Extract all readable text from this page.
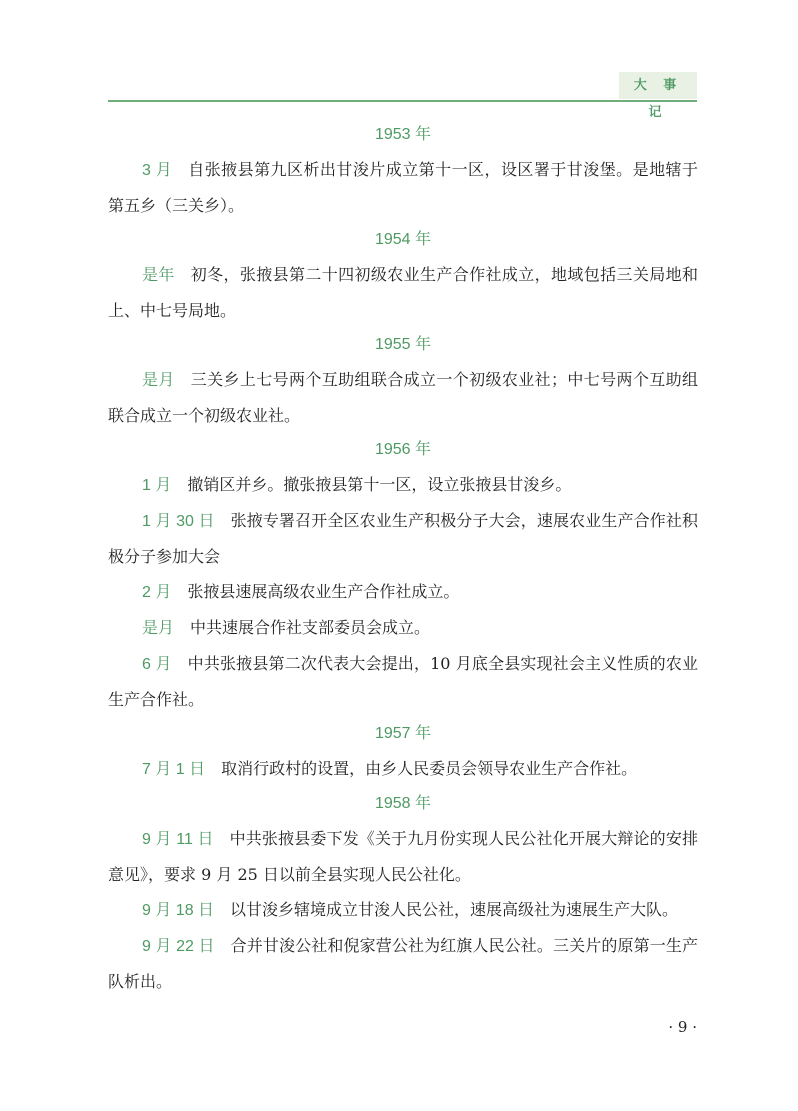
大 事 记
1953 年

3 月 自张掖县第九区析出甘浚片成立第十一区，设区署于甘浚堡。是地辖于第五乡（三关乡）。

1954 年

是年 初冬，张掖县第二十四初级农业生产合作社成立，地域包括三关局地和上、中七号局地。

1955 年

是月 三关乡上七号两个互助组联合成立一个初级农业社；中七号两个互助组联合成立一个初级农业社。

1956 年

1 月 撤销区并乡。撤张掖县第十一区，设立张掖县甘浚乡。

1 月 30 日 张掖专署召开全区农业生产积极分子大会，速展农业生产合作社积极分子参加大会

2 月 张掖县速展高级农业生产合作社成立。

是月 中共速展合作社支部委员会成立。

6 月 中共张掖县第二次代表大会提出，10 月底全县实现社会主义性质的农业生产合作社。

1957 年

7 月 1 日 取消行政村的设置，由乡人民委员会领导农业生产合作社。

1958 年

9 月 11 日 中共张掖县委下发《关于九月份实现人民公社化开展大辩论的安排意见》，要求 9 月 25 日以前全县实现人民公社化。

9 月 18 日 以甘浚乡辖境成立甘浚人民公社，速展高级社为速展生产大队。

9 月 22 日 合并甘浚公社和倪家营公社为红旗人民公社。三关片的原第一生产队析出。

· 9 ·
